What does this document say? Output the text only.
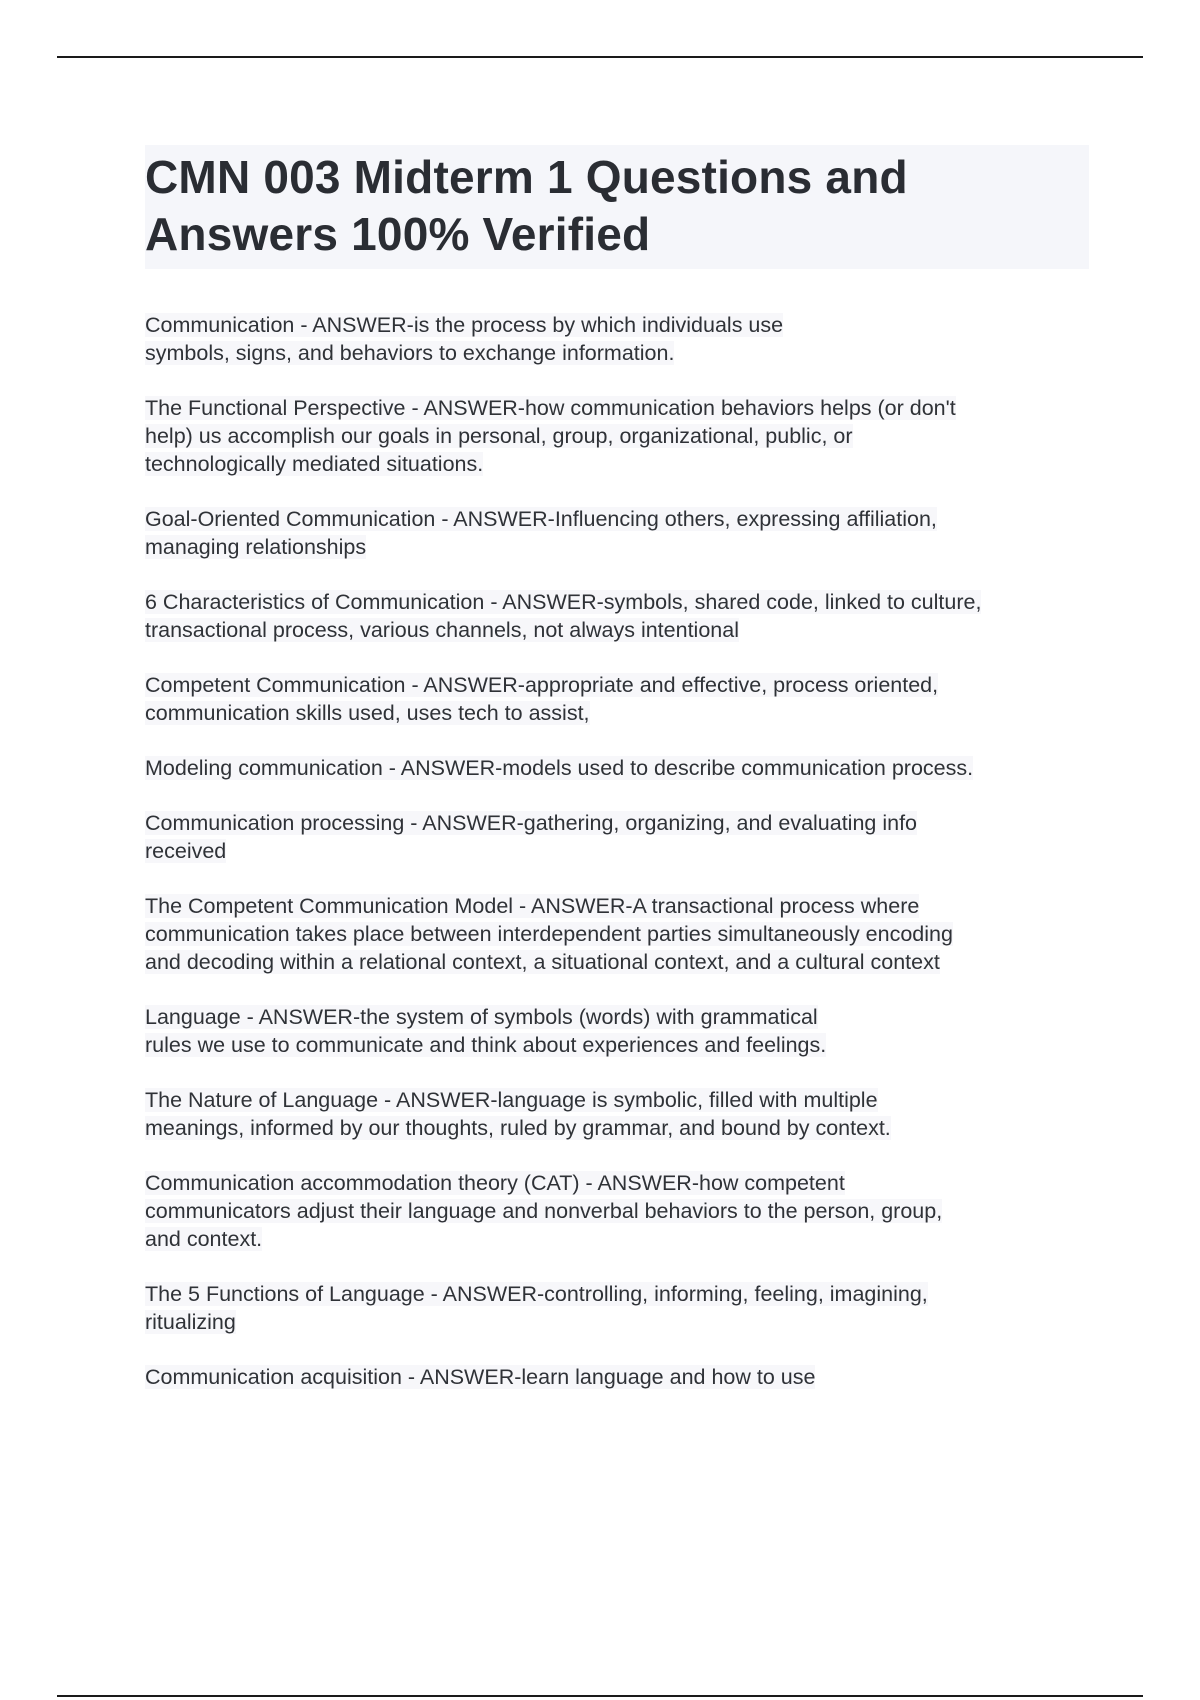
CMN 003 Midterm 1 Questions and
Answers 100% Verified

Communication - ANSWER-is the process by which individuals use
symbols, signs, and behaviors to exchange information.

The Functional Perspective - ANSWER-how communication behaviors helps (or don't
help) us accomplish our goals in personal, group, organizational, public, or
technologically mediated situations.

Goal-Oriented Communication - ANSWER-Influencing others, expressing affiliation,
managing relationships

6 Characteristics of Communication - ANSWER-symbols, shared code, linked to culture,
transactional process, various channels, not always intentional

Competent Communication - ANSWER-appropriate and effective, process oriented,
communication skills used, uses tech to assist,

Modeling communication - ANSWER-models used to describe communication process.

Communication processing - ANSWER-gathering, organizing, and evaluating info
received

The Competent Communication Model - ANSWER-A transactional process where
communication takes place between interdependent parties simultaneously encoding
and decoding within a relational context, a situational context, and a cultural context

Language - ANSWER-the system of symbols (words) with grammatical
rules we use to communicate and think about experiences and feelings.

The Nature of Language - ANSWER-language is symbolic, filled with multiple
meanings, informed by our thoughts, ruled by grammar, and bound by context.

Communication accommodation theory (CAT) - ANSWER-how competent
communicators adjust their language and nonverbal behaviors to the person, group,
and context.

The 5 Functions of Language - ANSWER-controlling, informing, feeling, imagining,
ritualizing

Communication acquisition - ANSWER-learn language and how to use
